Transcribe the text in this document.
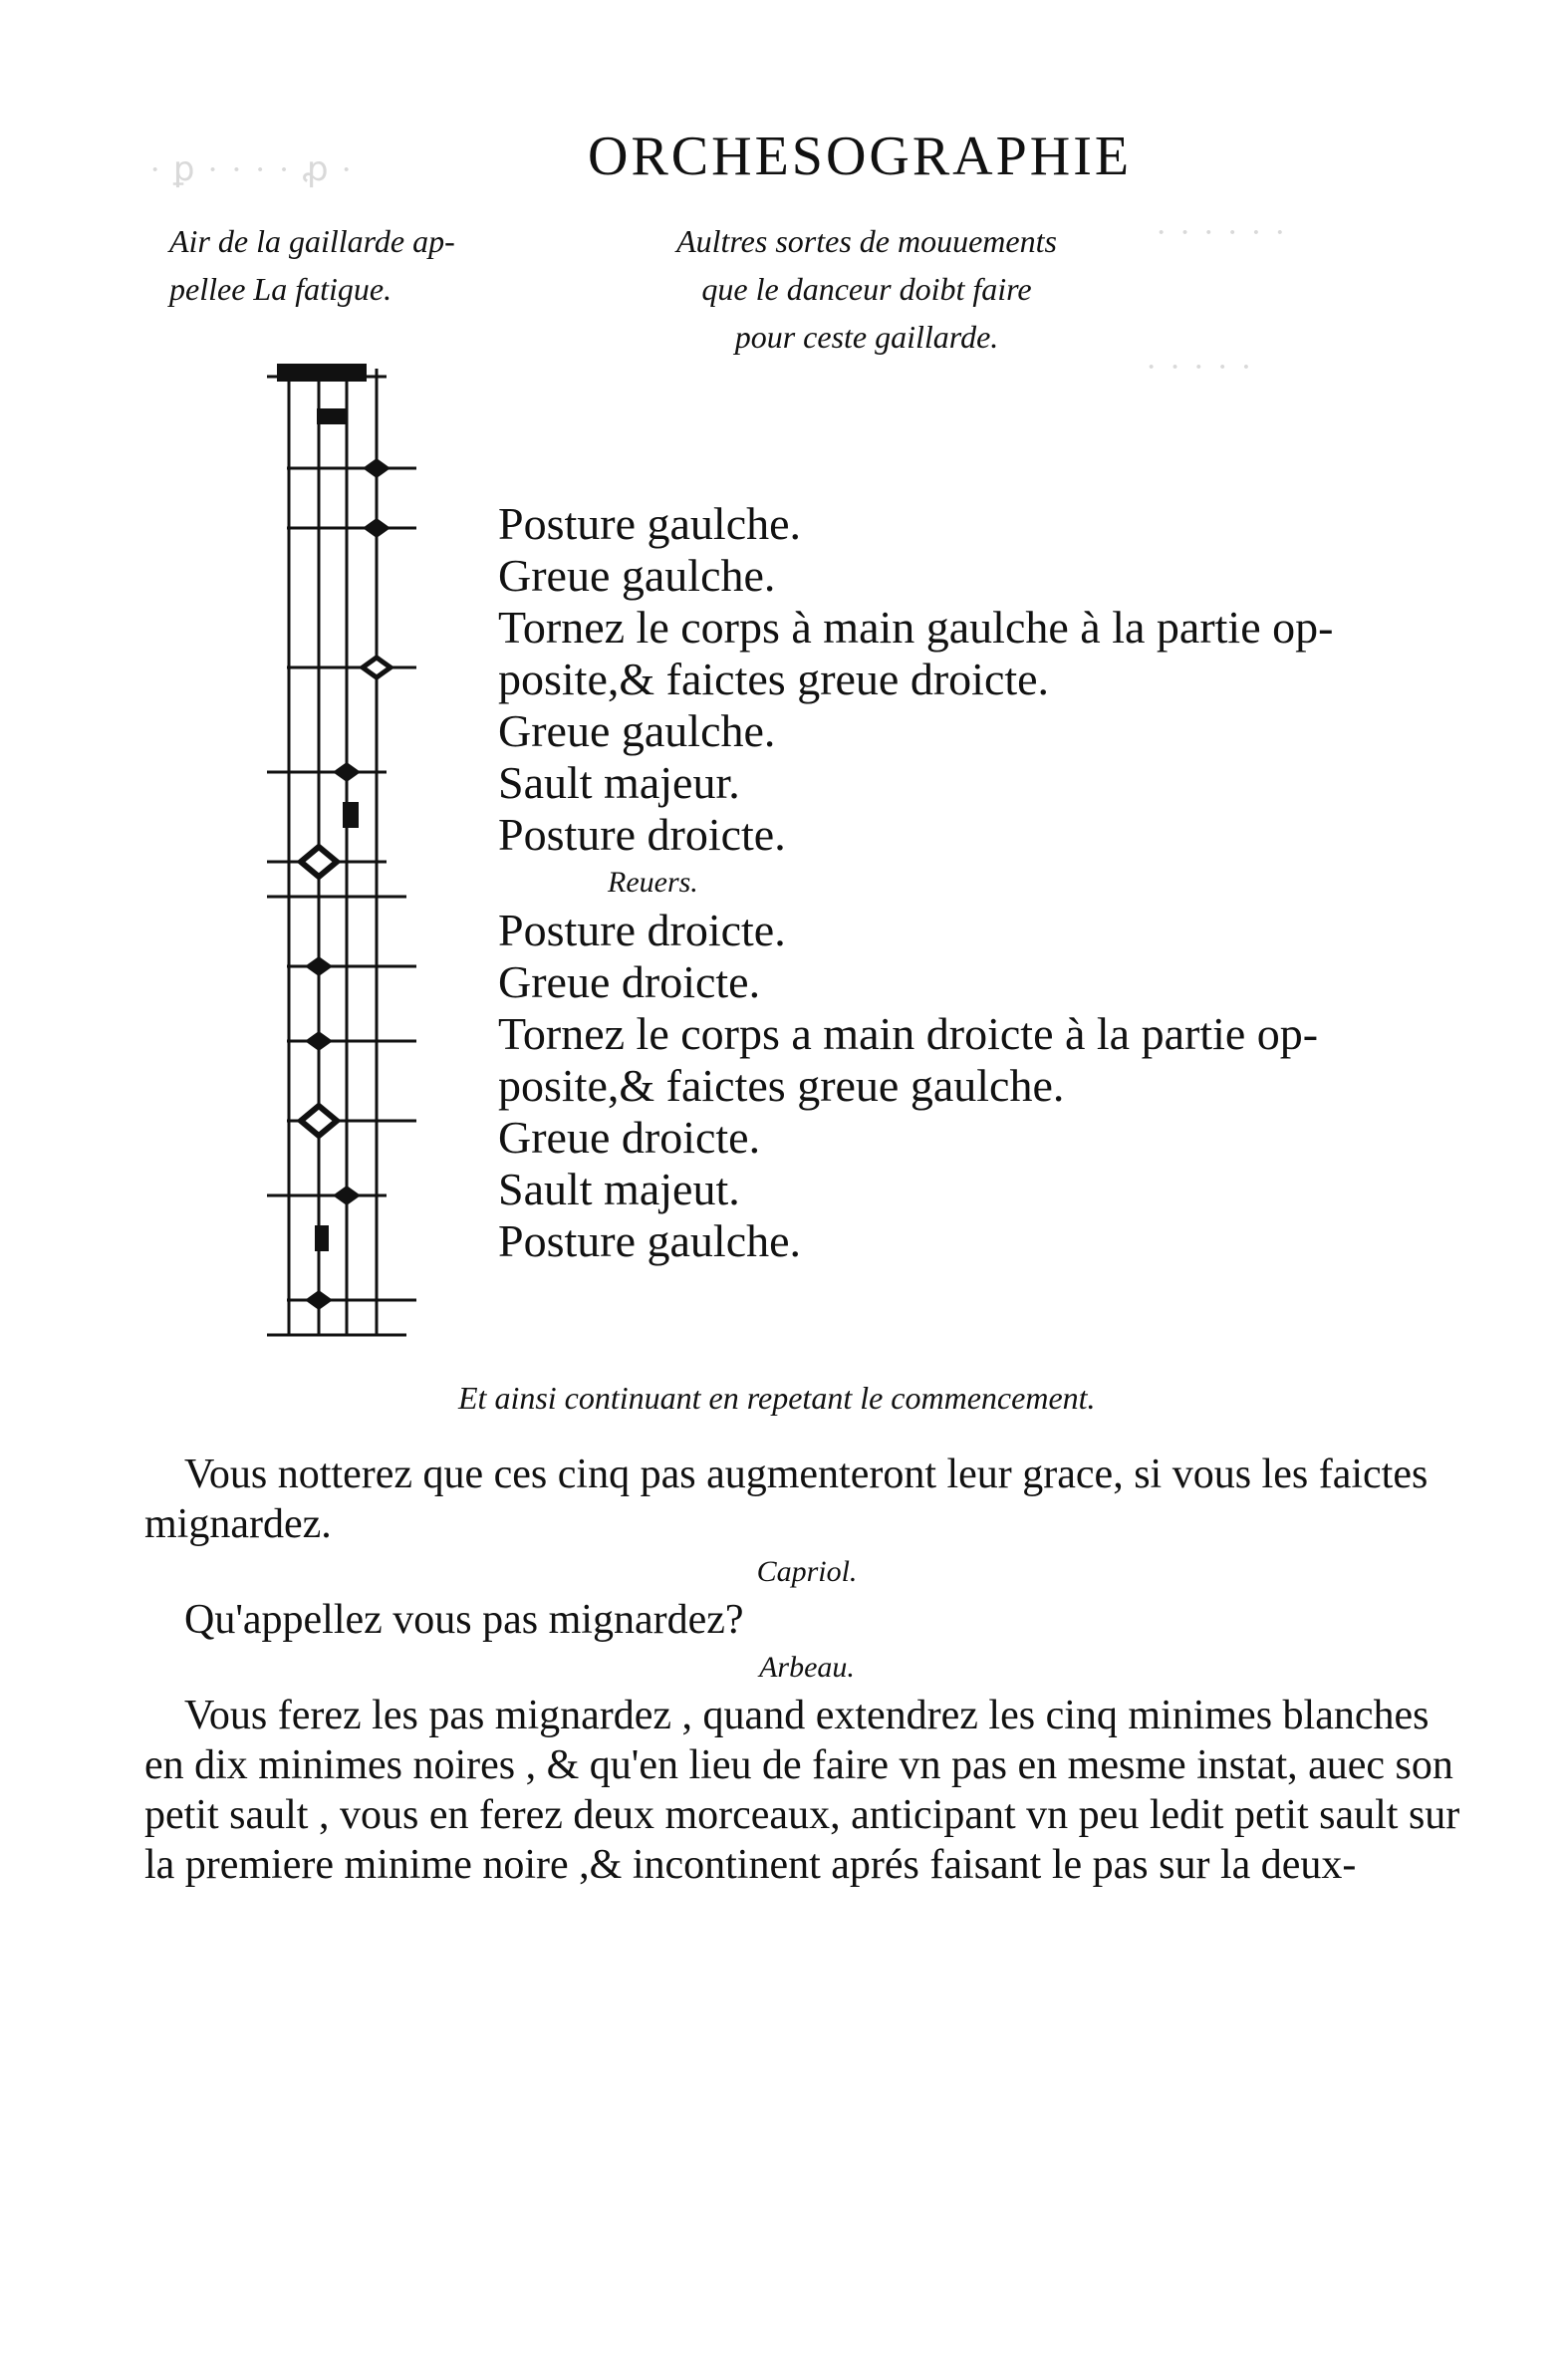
· ꝑ · · · · ꝓ ·
· · · · · ·
· · · · ·
ORCHESOGRAPHIE
Air de la gaillarde ap-
pellee La fatigue.
Aultres sortes de mouuements
que le danceur doibt faire
pour ceste gaillarde.

Posture gaulche.

Greue gaulche.

Tornez le corps à main gaulche à la partie op-

posite,& faictes greue droicte.

Greue gaulche.

Sault majeur.

Posture droicte.

Reuers.

Posture droicte.

Greue droicte.

Tornez le corps a main droicte à la partie op-

posite,& faictes greue gaulche.

Greue droicte.

Sault majeut.

Posture gaulche.

Et ainsi continuant en repetant le commencement.

Vous notterez que ces cinq pas augmenteront leur grace, si vous les faictes mignardez.

Capriol.

Qu'appellez vous pas mignardez?

Arbeau.

Vous ferez les pas mignardez , quand extendrez les cinq minimes blanches en dix minimes noires , & qu'en lieu de faire vn pas en mesme instat, auec son petit sault , vous en ferez deux morceaux, anticipant vn peu ledit petit sault sur la premiere minime noire ,& incontinent aprés faisant le pas sur la deux-
